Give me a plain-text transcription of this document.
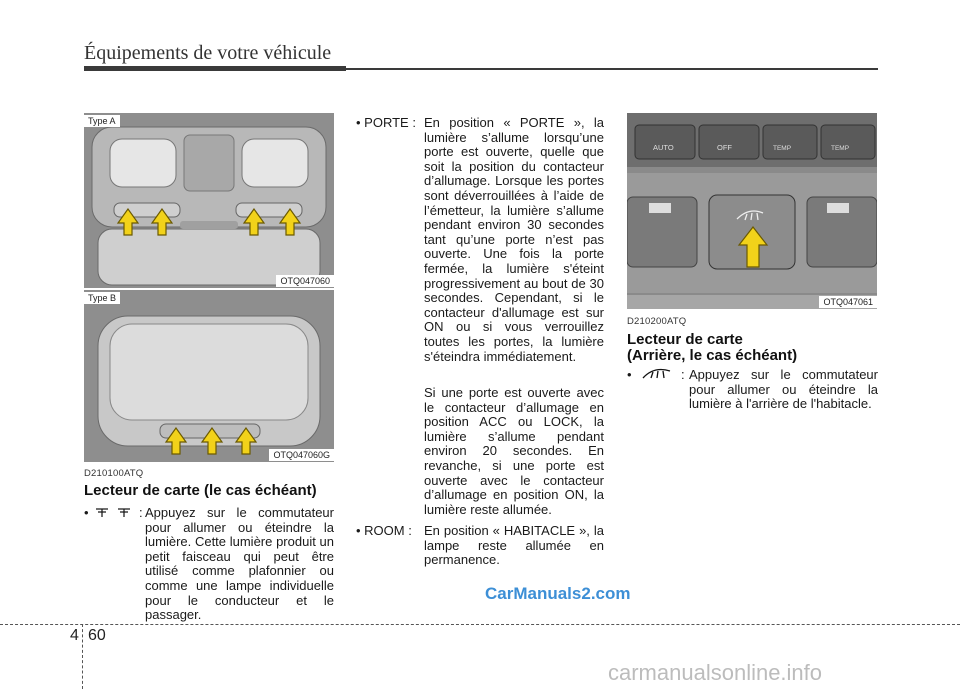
Équipements de votre véhicule
Type A
OTQ047060
Type B
OTQ047060G
D210100ATQ
Lecteur de carte (le cas échéant)
•	: Appuyez sur le commutateur pour allumer ou éteindre la lumière. Cette lumière produit un petit faisceau qui peut être utilisé comme plafonnier ou comme une lampe individuelle pour le conducteur et le passager.
• PORTE : En position « PORTE », la lumière s’allume lorsqu’une porte est ouverte, quelle que soit la position du contacteur d’allumage. Lorsque les portes sont déverrouillées à l’aide de l’émetteur, la lumière s’allume pendant environ 30 secondes tant qu’une porte n’est pas ouverte. Une fois la porte fermée, la lumière s'éteint progressivement au bout de 30 secondes. Cependant, si le contacteur d'allumage est sur ON ou si vous verrouillez toutes les portes, la lumière s'éteindra immédiatement.
Si une porte est ouverte avec le contacteur d’allumage en position ACC ou LOCK, la lumière s’allume pendant environ 20 secondes. En revanche, si une porte est ouverte avec le contacteur d’allumage en position ON, la lumière reste allumée.
• ROOM : En position « HABITACLE », la lampe reste allumée en permanence.
AUTO	OFF	TEMP	TEMP
OTQ047061
D210200ATQ
Lecteur de carte
(Arrière, le cas échéant)
•	: Appuyez sur le commutateur pour allumer ou éteindre la lumière à l'arrière de l'habitacle.
CarManuals2.com
4 60
carmanualsonline.info
